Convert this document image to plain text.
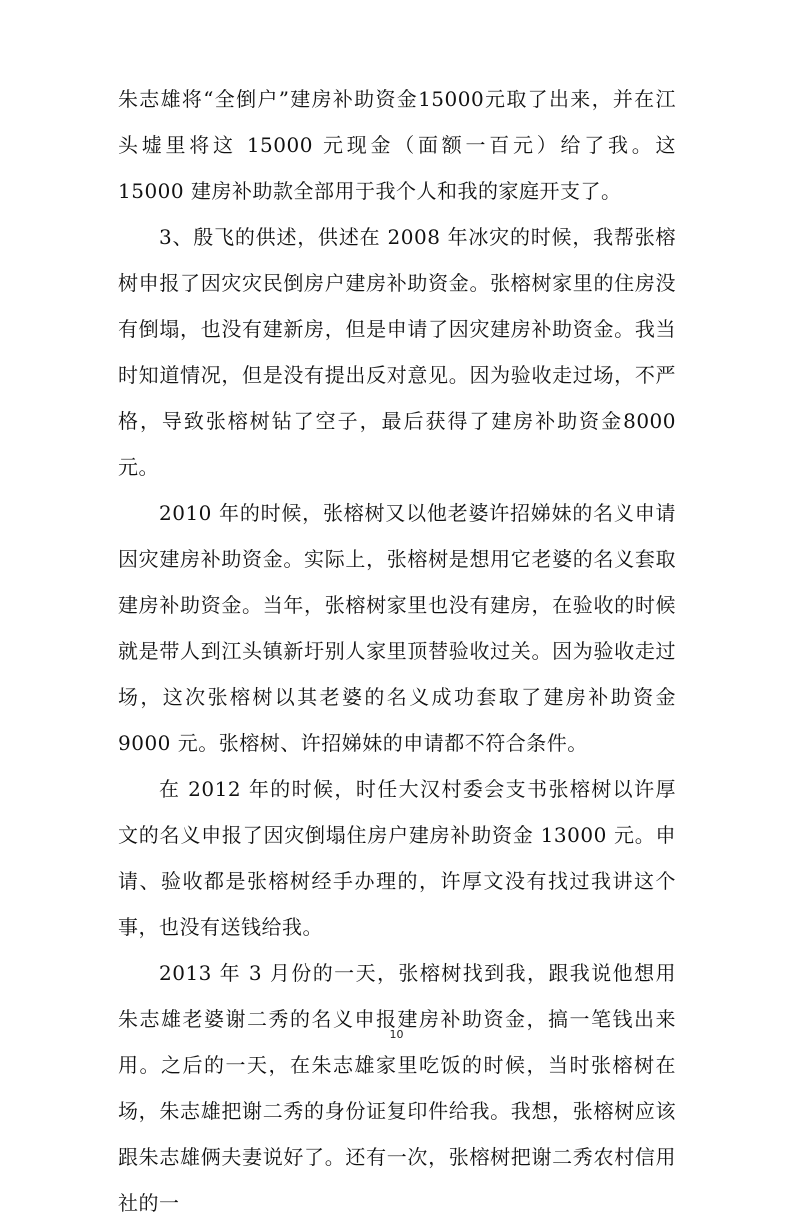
朱志雄将“全倒户”建房补助资金15000元取了出来，并在江头墟里将这 15000 元现金（面额一百元）给了我。这 15000 建房补助款全部用于我个人和我的家庭开支了。

3、殷飞的供述，供述在 2008 年冰灾的时候，我帮张榕树申报了因灾灾民倒房户建房补助资金。张榕树家里的住房没有倒塌，也没有建新房，但是申请了因灾建房补助资金。我当时知道情况，但是没有提出反对意见。因为验收走过场，不严格，导致张榕树钻了空子，最后获得了建房补助资金8000 元。

2010 年的时候，张榕树又以他老婆许招娣妹的名义申请因灾建房补助资金。实际上，张榕树是想用它老婆的名义套取建房补助资金。当年，张榕树家里也没有建房，在验收的时候就是带人到江头镇新圩别人家里顶替验收过关。因为验收走过场，这次张榕树以其老婆的名义成功套取了建房补助资金9000 元。张榕树、许招娣妹的申请都不符合条件。

在 2012 年的时候，时任大汉村委会支书张榕树以许厚文的名义申报了因灾倒塌住房户建房补助资金 13000 元。申请、验收都是张榕树经手办理的，许厚文没有找过我讲这个事，也没有送钱给我。

2013 年 3 月份的一天，张榕树找到我，跟我说他想用朱志雄老婆谢二秀的名义申报建房补助资金，搞一笔钱出来用。之后的一天，在朱志雄家里吃饭的时候，当时张榕树在场，朱志雄把谢二秀的身份证复印件给我。我想，张榕树应该跟朱志雄俩夫妻说好了。还有一次，张榕树把谢二秀农村信用社的一

10
